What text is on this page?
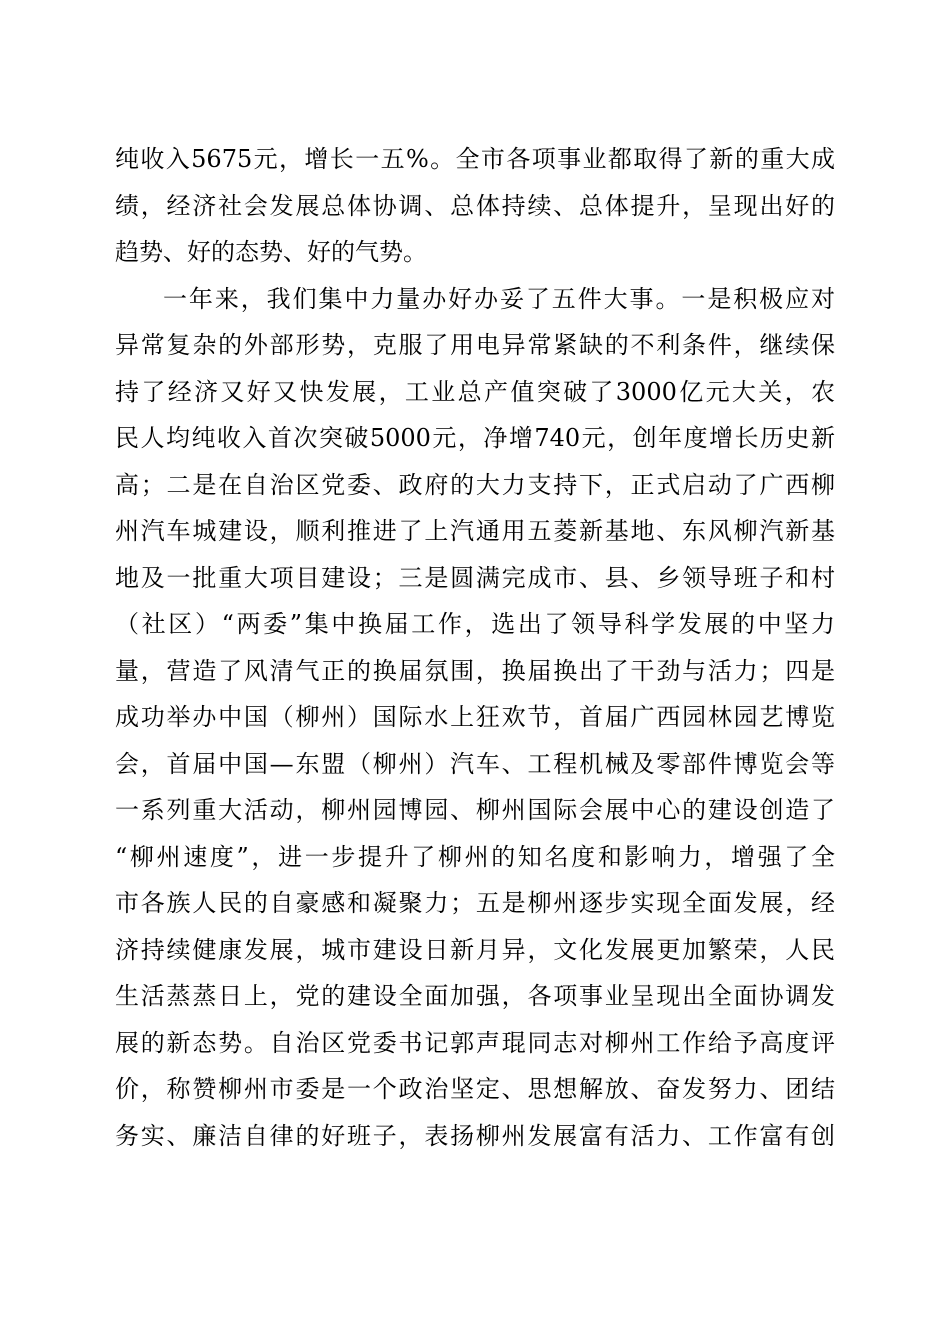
纯收入5675元，增长一五%。全市各项事业都取得了新的重大成
绩，经济社会发展总体协调、总体持续、总体提升，呈现出好的
趋势、好的态势、好的气势。
一年来，我们集中力量办好办妥了五件大事。一是积极应对
异常复杂的外部形势，克服了用电异常紧缺的不利条件，继续保
持了经济又好又快发展，工业总产值突破了3000亿元大关，农
民人均纯收入首次突破5000元，净增740元，创年度增长历史新
高；二是在自治区党委、政府的大力支持下，正式启动了广西柳
州汽车城建设，顺利推进了上汽通用五菱新基地、东风柳汽新基
地及一批重大项目建设；三是圆满完成市、县、乡领导班子和村
（社区）“两委”集中换届工作，选出了领导科学发展的中坚力
量，营造了风清气正的换届氛围，换届换出了干劲与活力；四是
成功举办中国（柳州）国际水上狂欢节，首届广西园林园艺博览
会，首届中国—东盟（柳州）汽车、工程机械及零部件博览会等
一系列重大活动，柳州园博园、柳州国际会展中心的建设创造了
“柳州速度”，进一步提升了柳州的知名度和影响力，增强了全
市各族人民的自豪感和凝聚力；五是柳州逐步实现全面发展，经
济持续健康发展，城市建设日新月异，文化发展更加繁荣，人民
生活蒸蒸日上，党的建设全面加强，各项事业呈现出全面协调发
展的新态势。自治区党委书记郭声琨同志对柳州工作给予高度评
价，称赞柳州市委是一个政治坚定、思想解放、奋发努力、团结
务实、廉洁自律的好班子，表扬柳州发展富有活力、工作富有创
